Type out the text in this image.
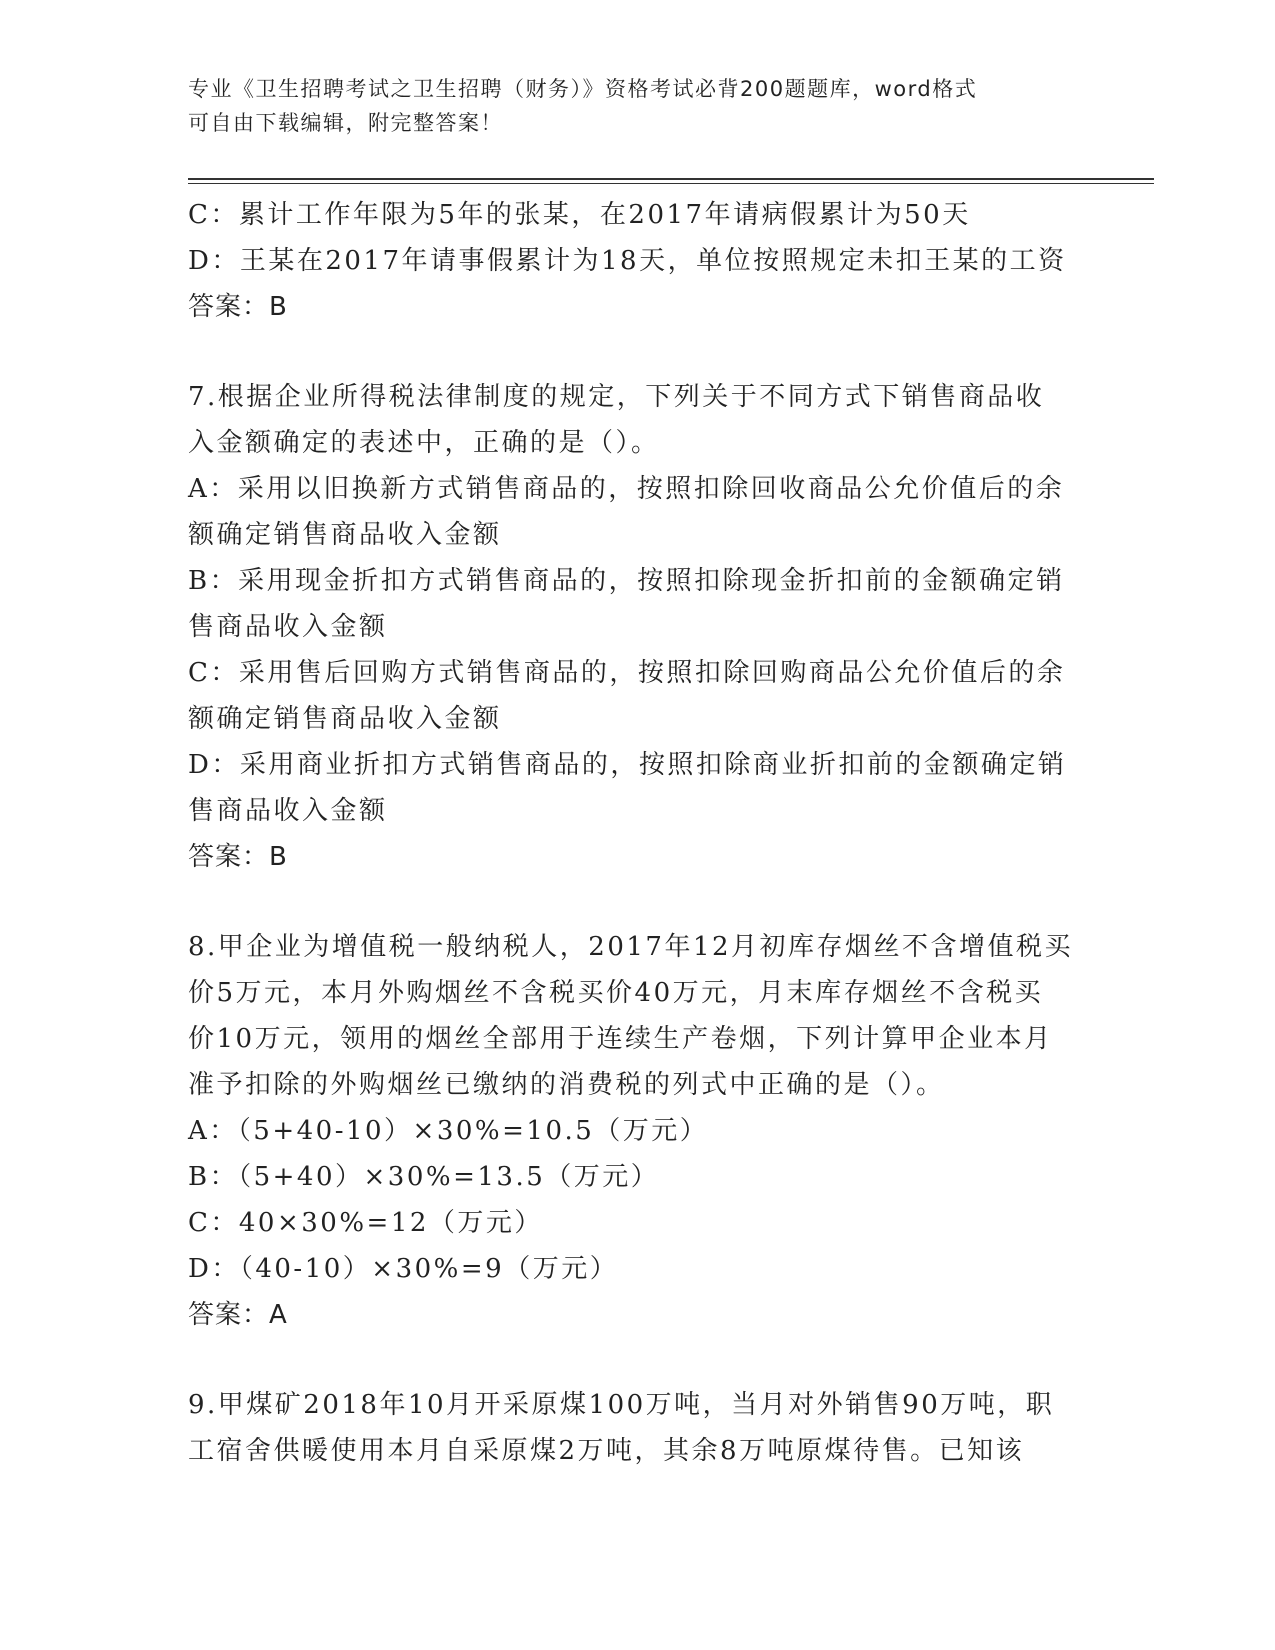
专业《卫生招聘考试之卫生招聘（财务）》资格考试必背200题题库，word格式
可自由下载编辑，附完整答案！
C：累计工作年限为5年的张某，在2017年请病假累计为50天
D：王某在2017年请事假累计为18天，单位按照规定未扣王某的工资
答案：B
7.根据企业所得税法律制度的规定，下列关于不同方式下销售商品收
入金额确定的表述中，正确的是（）。
A：采用以旧换新方式销售商品的，按照扣除回收商品公允价值后的余
额确定销售商品收入金额
B：采用现金折扣方式销售商品的，按照扣除现金折扣前的金额确定销
售商品收入金额
C：采用售后回购方式销售商品的，按照扣除回购商品公允价值后的余
额确定销售商品收入金额
D：采用商业折扣方式销售商品的，按照扣除商业折扣前的金额确定销
售商品收入金额
答案：B
8.甲企业为增值税一般纳税人，2017年12月初库存烟丝不含增值税买
价5万元，本月外购烟丝不含税买价40万元，月末库存烟丝不含税买
价10万元，领用的烟丝全部用于连续生产卷烟，下列计算甲企业本月
准予扣除的外购烟丝已缴纳的消费税的列式中正确的是（）。
A：（5+40-10）×30%=10.5（万元）
B：（5+40）×30%=13.5（万元）
C：40×30%=12（万元）
D：（40-10）×30%=9（万元）
答案：A
9.甲煤矿2018年10月开采原煤100万吨，当月对外销售90万吨，职
工宿舍供暖使用本月自采原煤2万吨，其余8万吨原煤待售。已知该
